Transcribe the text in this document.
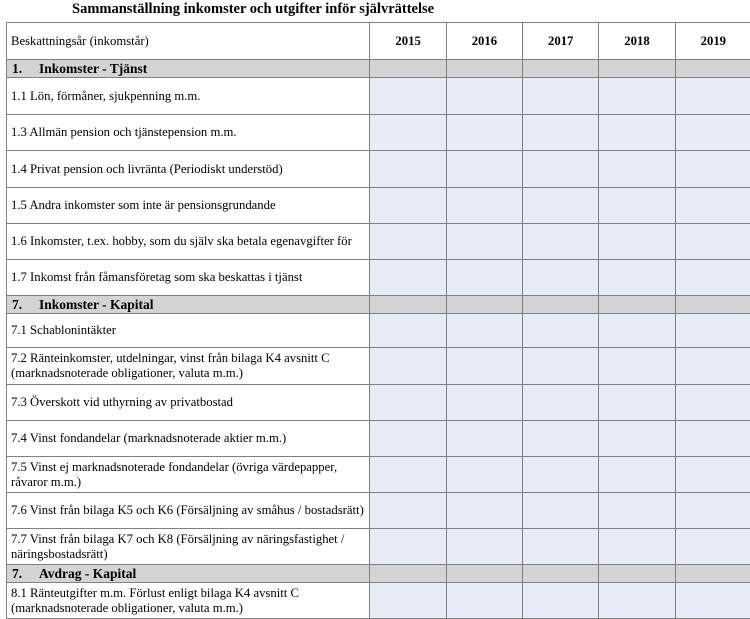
Sammanställning inkomster och utgifter inför självrättelse
Beskattningsår (inkomstår)	2015	2016	2017	2018	2019
1. Inkomster - Tjänst					
1.1 Lön, förmåner, sjukpenning m.m.					
1.3 Allmän pension och tjänstepension m.m.					
1.4 Privat pension och livränta (Periodiskt understöd)					
1.5 Andra inkomster som inte är pensionsgrundande					
1.6 Inkomster, t.ex. hobby, som du själv ska betala egenavgifter för					
1.7 Inkomst från fåmansföretag som ska beskattas i tjänst					
7. Inkomster - Kapital					
7.1 Schablonintäkter					
7.2 Ränteinkomster, utdelningar, vinst från bilaga K4 avsnitt C (marknadsnoterade obligationer, valuta m.m.)					
7.3 Överskott vid uthyrning av privatbostad					
7.4 Vinst fondandelar (marknadsnoterade aktier m.m.)					
7.5 Vinst ej marknadsnoterade fondandelar (övriga värdepapper, råvaror m.m.)					
7.6 Vinst från bilaga K5 och K6 (Försäljning av småhus / bostadsrätt)					
7.7 Vinst från bilaga K7 och K8 (Försäljning av näringsfastighet / näringsbostadsrätt)					
7. Avdrag - Kapital					
8.1 Ränteutgifter m.m. Förlust enligt bilaga K4 avsnitt C (marknadsnoterade obligationer, valuta m.m.)					
